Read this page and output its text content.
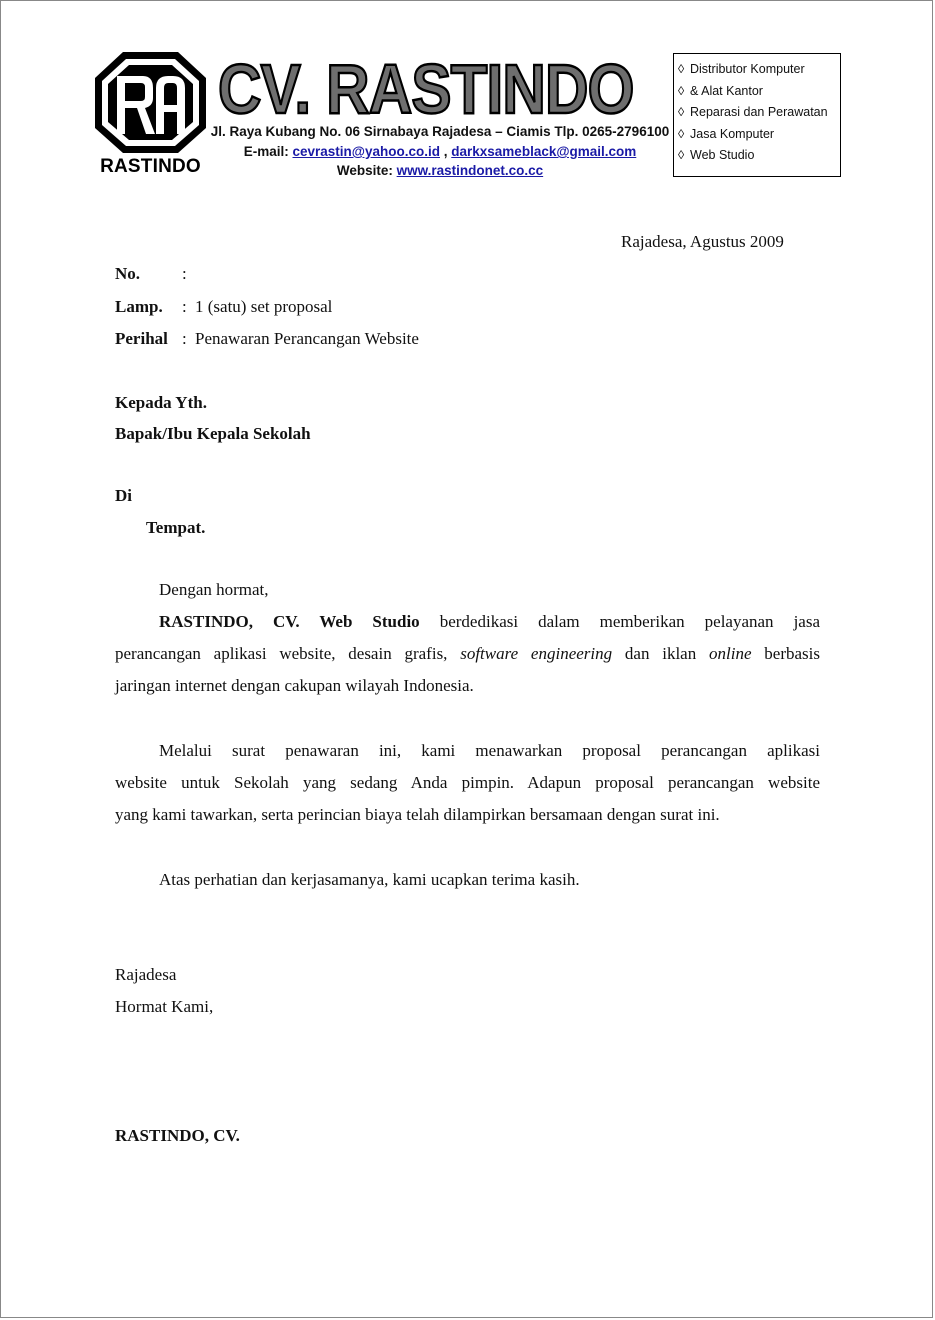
RASTINDO
CV. RASTINDO
Jl. Raya Kubang No. 06 Sirnabaya Rajadesa – Ciamis Tlp. 0265-2796100
E-mail: cevrastin@yahoo.co.id , darkxsameblack@gmail.com
Website: www.rastindonet.co.cc
◊ Distributor Komputer
◊ & Alat Kantor
◊ Reparasi dan Perawatan
◊ Jasa Komputer
◊ Web Studio
Rajadesa, Agustus 2009
No. :
Lamp. : 1 (satu) set proposal
Perihal : Penawaran Perancangan Website
Kepada Yth.
Bapak/Ibu Kepala Sekolah
Di
Tempat.
Dengan hormat,
RASTINDO, CV. Web Studio berdedikasi dalam memberikan pelayanan jasa
perancangan aplikasi website, desain grafis, software engineering dan iklan online berbasis
jaringan internet dengan cakupan wilayah Indonesia.
Melalui surat penawaran ini, kami menawarkan proposal perancangan aplikasi
website untuk Sekolah yang sedang Anda pimpin. Adapun proposal perancangan website
yang kami tawarkan, serta perincian biaya telah dilampirkan bersamaan dengan surat ini.
Atas perhatian dan kerjasamanya, kami ucapkan terima kasih.
Rajadesa
Hormat Kami,
RASTINDO, CV.
